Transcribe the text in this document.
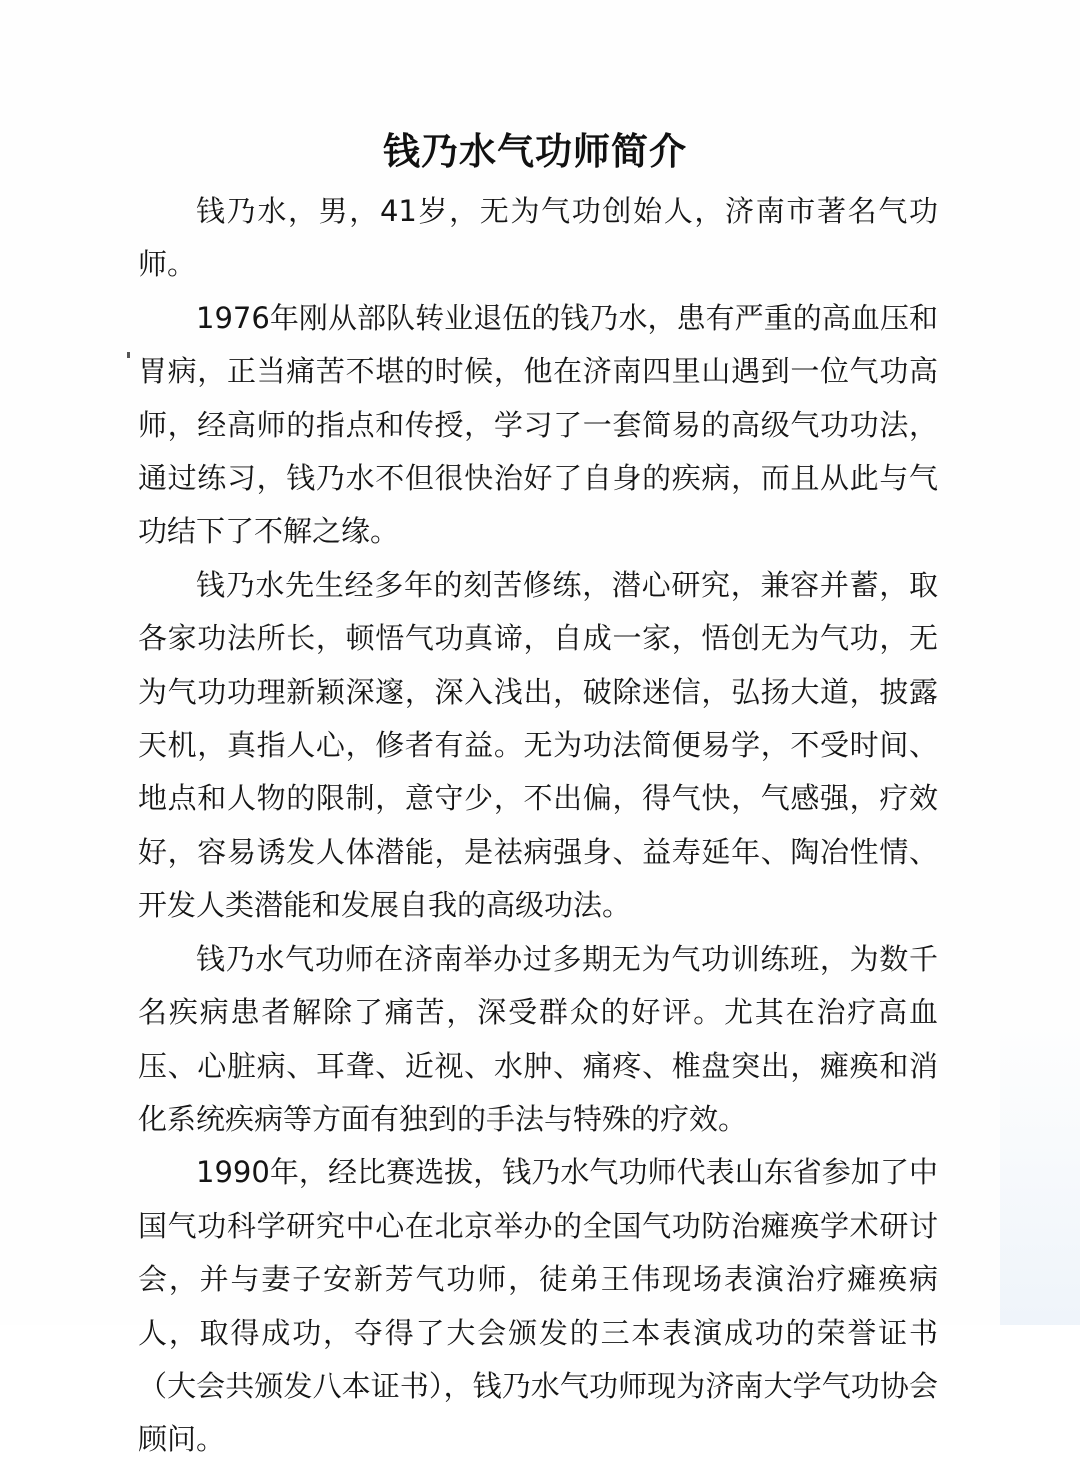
钱乃水气功师简介

钱乃水，男，41岁，无为气功创始人，济南市著名气功师。

1976年刚从部队转业退伍的钱乃水，患有严重的高血压和胃病，正当痛苦不堪的时候，他在济南四里山遇到一位气功高师，经高师的指点和传授，学习了一套简易的高级气功功法，通过练习，钱乃水不但很快治好了自身的疾病，而且从此与气功结下了不解之缘。

钱乃水先生经多年的刻苦修练，潜心研究，兼容并蓄，取各家功法所长，顿悟气功真谛，自成一家，悟创无为气功，无为气功功理新颖深邃，深入浅出，破除迷信，弘扬大道，披露天机，真指人心，修者有益。无为功法简便易学，不受时间、地点和人物的限制，意守少，不出偏，得气快，气感强，疗效好，容易诱发人体潜能，是祛病强身、益寿延年、陶冶性情、开发人类潜能和发展自我的高级功法。

钱乃水气功师在济南举办过多期无为气功训练班，为数千名疾病患者解除了痛苦，深受群众的好评。尤其在治疗高血压、心脏病、耳聋、近视、水肿、痛疼、椎盘突出，瘫痪和消化系统疾病等方面有独到的手法与特殊的疗效。

1990年，经比赛选拔，钱乃水气功师代表山东省参加了中国气功科学研究中心在北京举办的全国气功防治瘫痪学术研讨会，并与妻子安新芳气功师，徒弟王伟现场表演治疗瘫痪病人，取得成功，夺得了大会颁发的三本表演成功的荣誉证书（大会共颁发八本证书），钱乃水气功师现为济南大学气功协会顾问。
